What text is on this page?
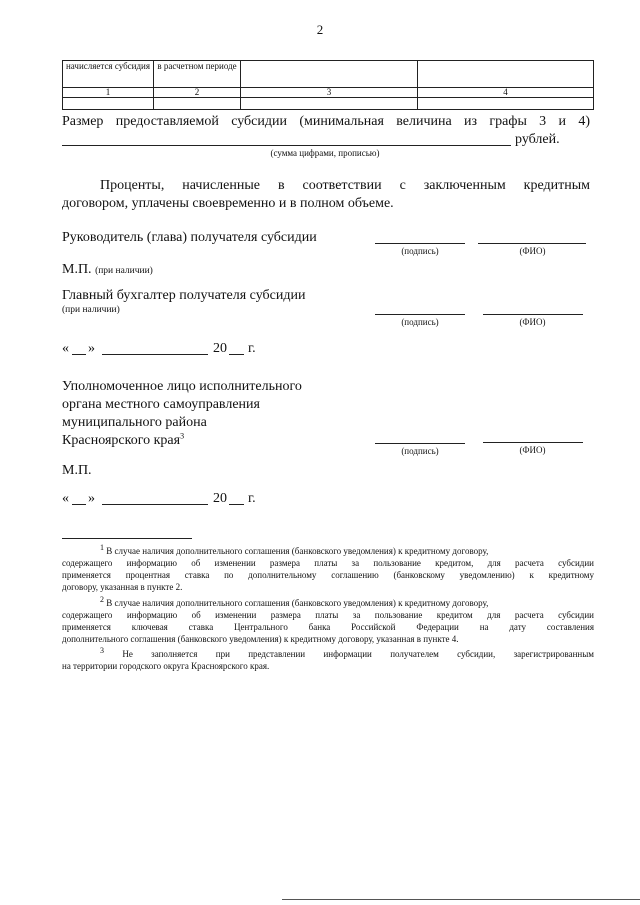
2
начисляется субсидия	в расчетном периоде		
1	2	3	4

Размер предоставляемой субсидии (минимальная величина из графы 3 и 4)
рублей.
(сумма цифрами, прописью)
Проценты, начисленные в соответствии с заключенным кредитным
договором, уплачены своевременно и в полном объеме.
Руководитель (глава) получателя субсидии
(подпись)	(ФИО)
М.П. (при наличии)
Главный бухгалтер получателя субсидии
(при наличии)
(подпись)	(ФИО)
« »	20 г.
Уполномоченное лицо исполнительного
органа местного самоуправления
муниципального района
Красноярского края$^3$
(подпись)	(ФИО)
М.П.
« »	20 г.
$^1$ В случае наличия дополнительного соглашения (банковского уведомления) к кредитному договору,
содержащего информацию об изменении размера платы за пользование кредитом, для расчета субсидии
применяется процентная ставка по дополнительному соглашению (банковскому уведомлению) к кредитному
договору, указанная в пункте 2.
$^2$ В случае наличия дополнительного соглашения (банковского уведомления) к кредитному договору,
содержащего информацию об изменении размера платы за пользование кредитом для расчета субсидии
применяется ключевая ставка Центрального банка Российской Федерации на дату составления
дополнительного соглашения (банковского уведомления) к кредитному договору, указанная в пункте 4.
$^3$ Не заполняется при представлении информации получателем субсидии, зарегистрированным
на территории городского округа Красноярского края.
